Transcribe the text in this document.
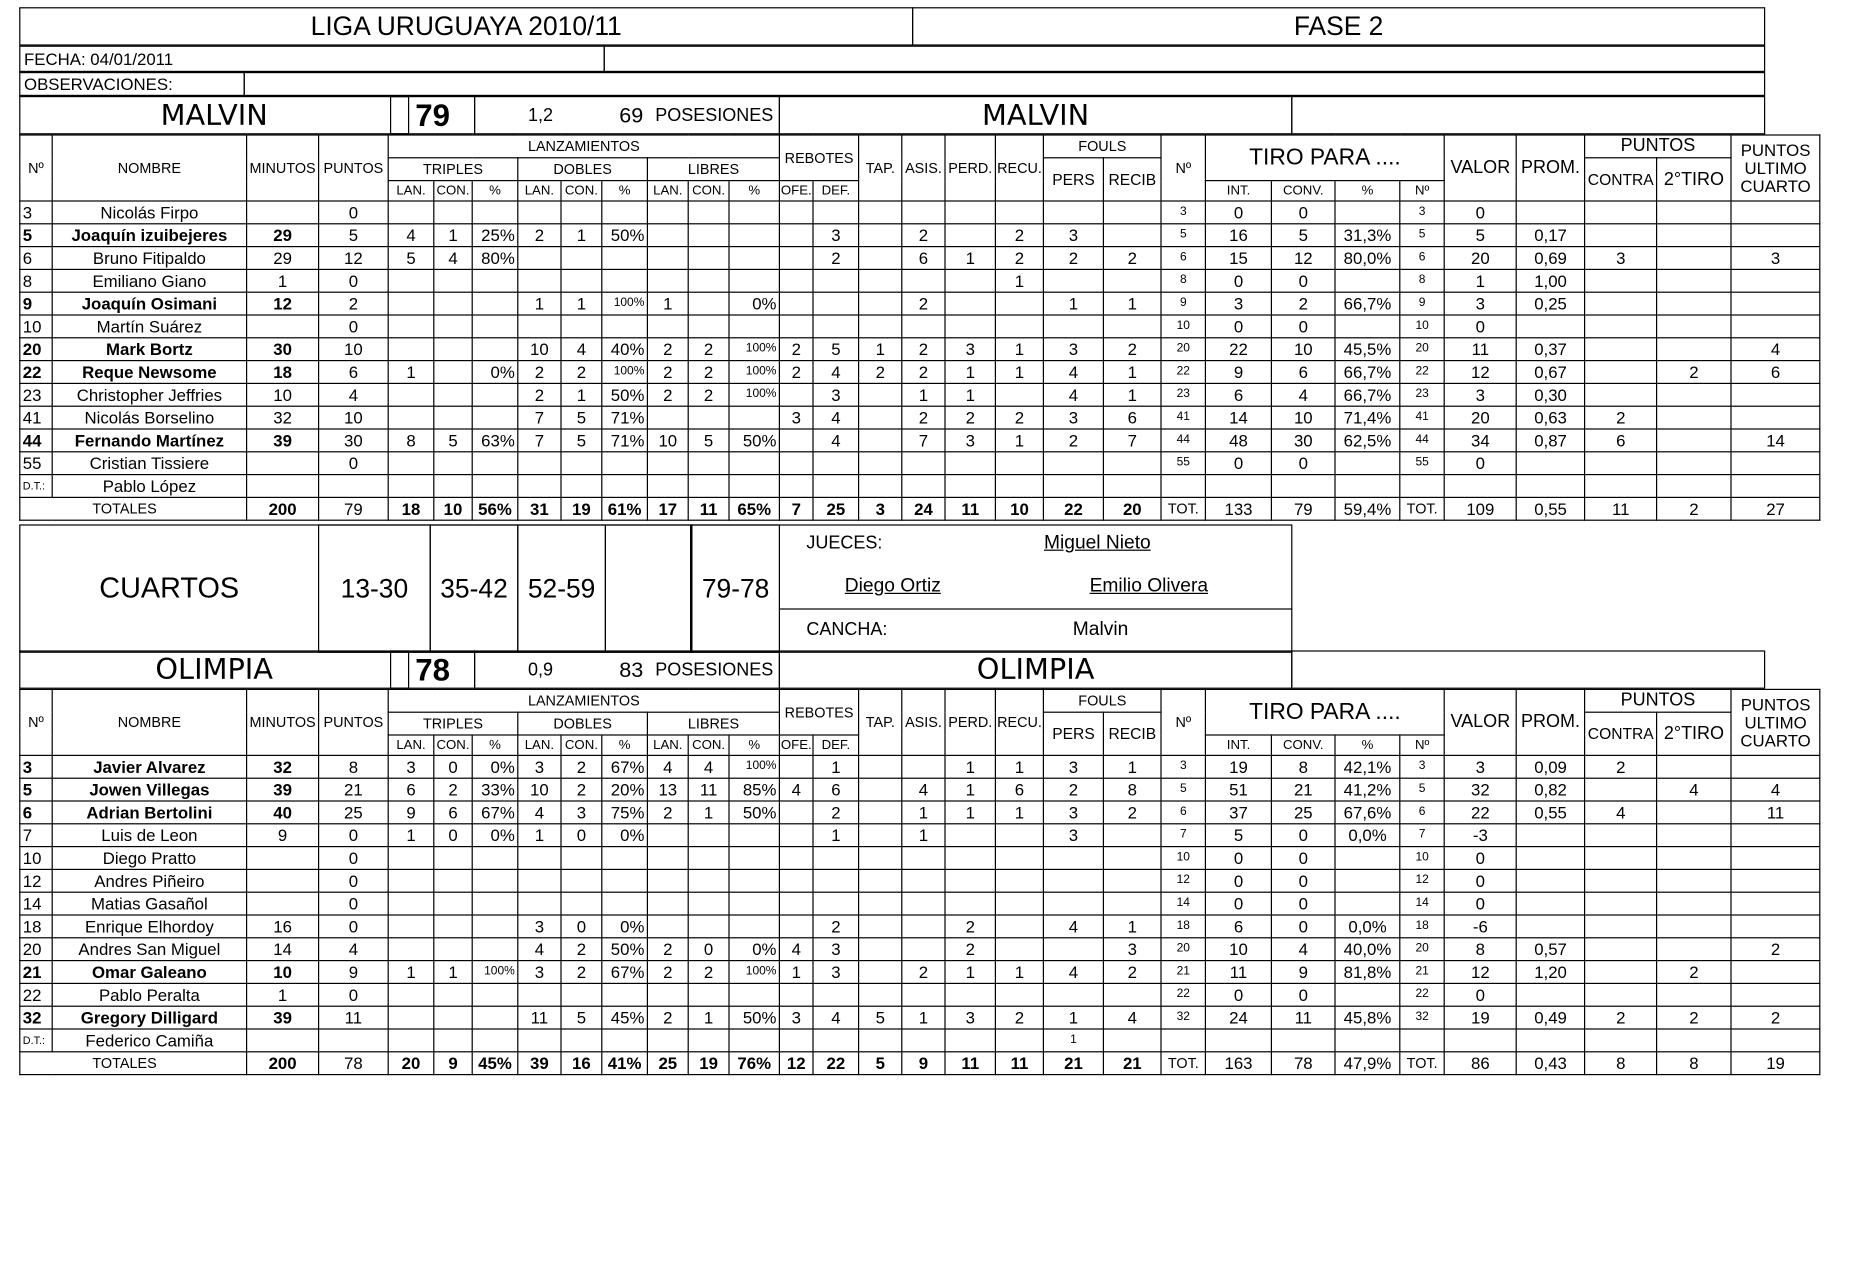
LIGA URUGUAYA 2010/11	FASE 2
FECHA: 04/01/2011
OBSERVACIONES:
MALVIN	79	1,2	69 POSESIONES	MALVIN
Nº	NOMBRE	MINUTOS	PUNTOS	LANZAMIENTOS									REBOTES		TAP.	ASIS.	PERD.	RECU.	FOULS		Nº	TIRO PARA ....				VALOR	PROM.	PUNTOS		PUNTOS ULTIMO CUARTO
				TRIPLES			DOBLES			LIBRES									PERS	RECIB								CONTRA	2°TIRO	
				LAN.	CON.	%	LAN.	CON.	%	LAN.	CON.	%	OFE.	DEF.								INT.	CONV.	%	Nº					
3	Nicolás Firpo		0																		3	0	0		3	0				
5	Joaquín izuibejeres	29	5	4	1	25%	2	1	50%					3		2		2	3		5	16	5	31,3%	5	5	0,17			
6	Bruno Fitipaldo	29	12	5	4	80%								2		6	1	2	2	2	6	15	12	80,0%	6	20	0,69	3		3
8	Emiliano Giano	1	0															1			8	0	0		8	1	1,00			
9	Joaquín Osimani	12	2				1	1	100%	1		0%				2			1	1	9	3	2	66,7%	9	3	0,25			
10	Martín Suárez		0																		10	0	0		10	0				
20	Mark Bortz	30	10				10	4	40%	2	2	100%	2	5	1	2	3	1	3	2	20	22	10	45,5%	20	11	0,37			4
22	Reque Newsome	18	6	1		0%	2	2	100%	2	2	100%	2	4	2	2	1	1	4	1	22	9	6	66,7%	22	12	0,67		2	6
23	Christopher Jeffries	10	4				2	1	50%	2	2	100%		3		1	1		4	1	23	6	4	66,7%	23	3	0,30			
41	Nicolás Borselino	32	10				7	5	71%				3	4		2	2	2	3	6	41	14	10	71,4%	41	20	0,63	2		
44	Fernando Martínez	39	30	8	5	63%	7	5	71%	10	5	50%		4		7	3	1	2	7	44	48	30	62,5%	44	34	0,87	6		14
55	Cristian Tissiere		0																		55	0	0		55	0				
D.T.:	Pablo López																													
TOTALES		200	79	18	10	56%	31	19	61%	17	11	65%	7	25	3	24	11	10	22	20	TOT.	133	79	59,4%	TOT.	109	0,55	11	2	27
CUARTOS	13-30	35-42 52-59	79-78
JUECES:	Miguel Nieto
Diego Ortiz	Emilio Olivera
CANCHA:	Malvin
OLIMPIA	78	0,9	83 POSESIONES	OLIMPIA
Nº	NOMBRE	MINUTOS	PUNTOS	LANZAMIENTOS									REBOTES		TAP.	ASIS.	PERD.	RECU.	FOULS		Nº	TIRO PARA ....				VALOR	PROM.	PUNTOS		PUNTOS ULTIMO CUARTO
				TRIPLES			DOBLES			LIBRES									PERS	RECIB								CONTRA	2°TIRO	
				LAN.	CON.	%	LAN.	CON.	%	LAN.	CON.	%	OFE.	DEF.								INT.	CONV.	%	Nº					
3	Javier Alvarez	32	8	3	0	0%	3	2	67%	4	4	100%		1			1	1	3	1	3	19	8	42,1%	3	3	0,09	2		
5	Jowen Villegas	39	21	6	2	33%	10	2	20%	13	11	85%	4	6		4	1	6	2	8	5	51	21	41,2%	5	32	0,82		4	4
6	Adrian Bertolini	40	25	9	6	67%	4	3	75%	2	1	50%		2		1	1	1	3	2	6	37	25	67,6%	6	22	0,55	4		11
7	Luis de Leon	9	0	1	0	0%	1	0	0%					1		1			3		7	5	0	0,0%	7	-3				
10	Diego Pratto		0																		10	0	0		10	0				
12	Andres Piñeiro		0																		12	0	0		12	0				
14	Matias Gasañol		0																		14	0	0		14	0				
18	Enrique Elhordoy	16	0				3	0	0%					2			2		4	1	18	6	0	0,0%	18	-6				
20	Andres San Miguel	14	4				4	2	50%	2	0	0%	4	3			2			3	20	10	4	40,0%	20	8	0,57			2
21	Omar Galeano	10	9	1	1	100%	3	2	67%	2	2	100%	1	3		2	1	1	4	2	21	11	9	81,8%	21	12	1,20		2	
22	Pablo Peralta	1	0																		22	0	0		22	0				
32	Gregory Dilligard	39	11				11	5	45%	2	1	50%	3	4	5	1	3	2	1	4	32	24	11	45,8%	32	19	0,49	2	2	2
D.T.:	Federico Camiña																		1											
TOTALES		200	78	20	9	45%	39	16	41%	25	19	76%	12	22	5	9	11	11	21	21	TOT.	163	78	47,9%	TOT.	86	0,43	8	8	19
